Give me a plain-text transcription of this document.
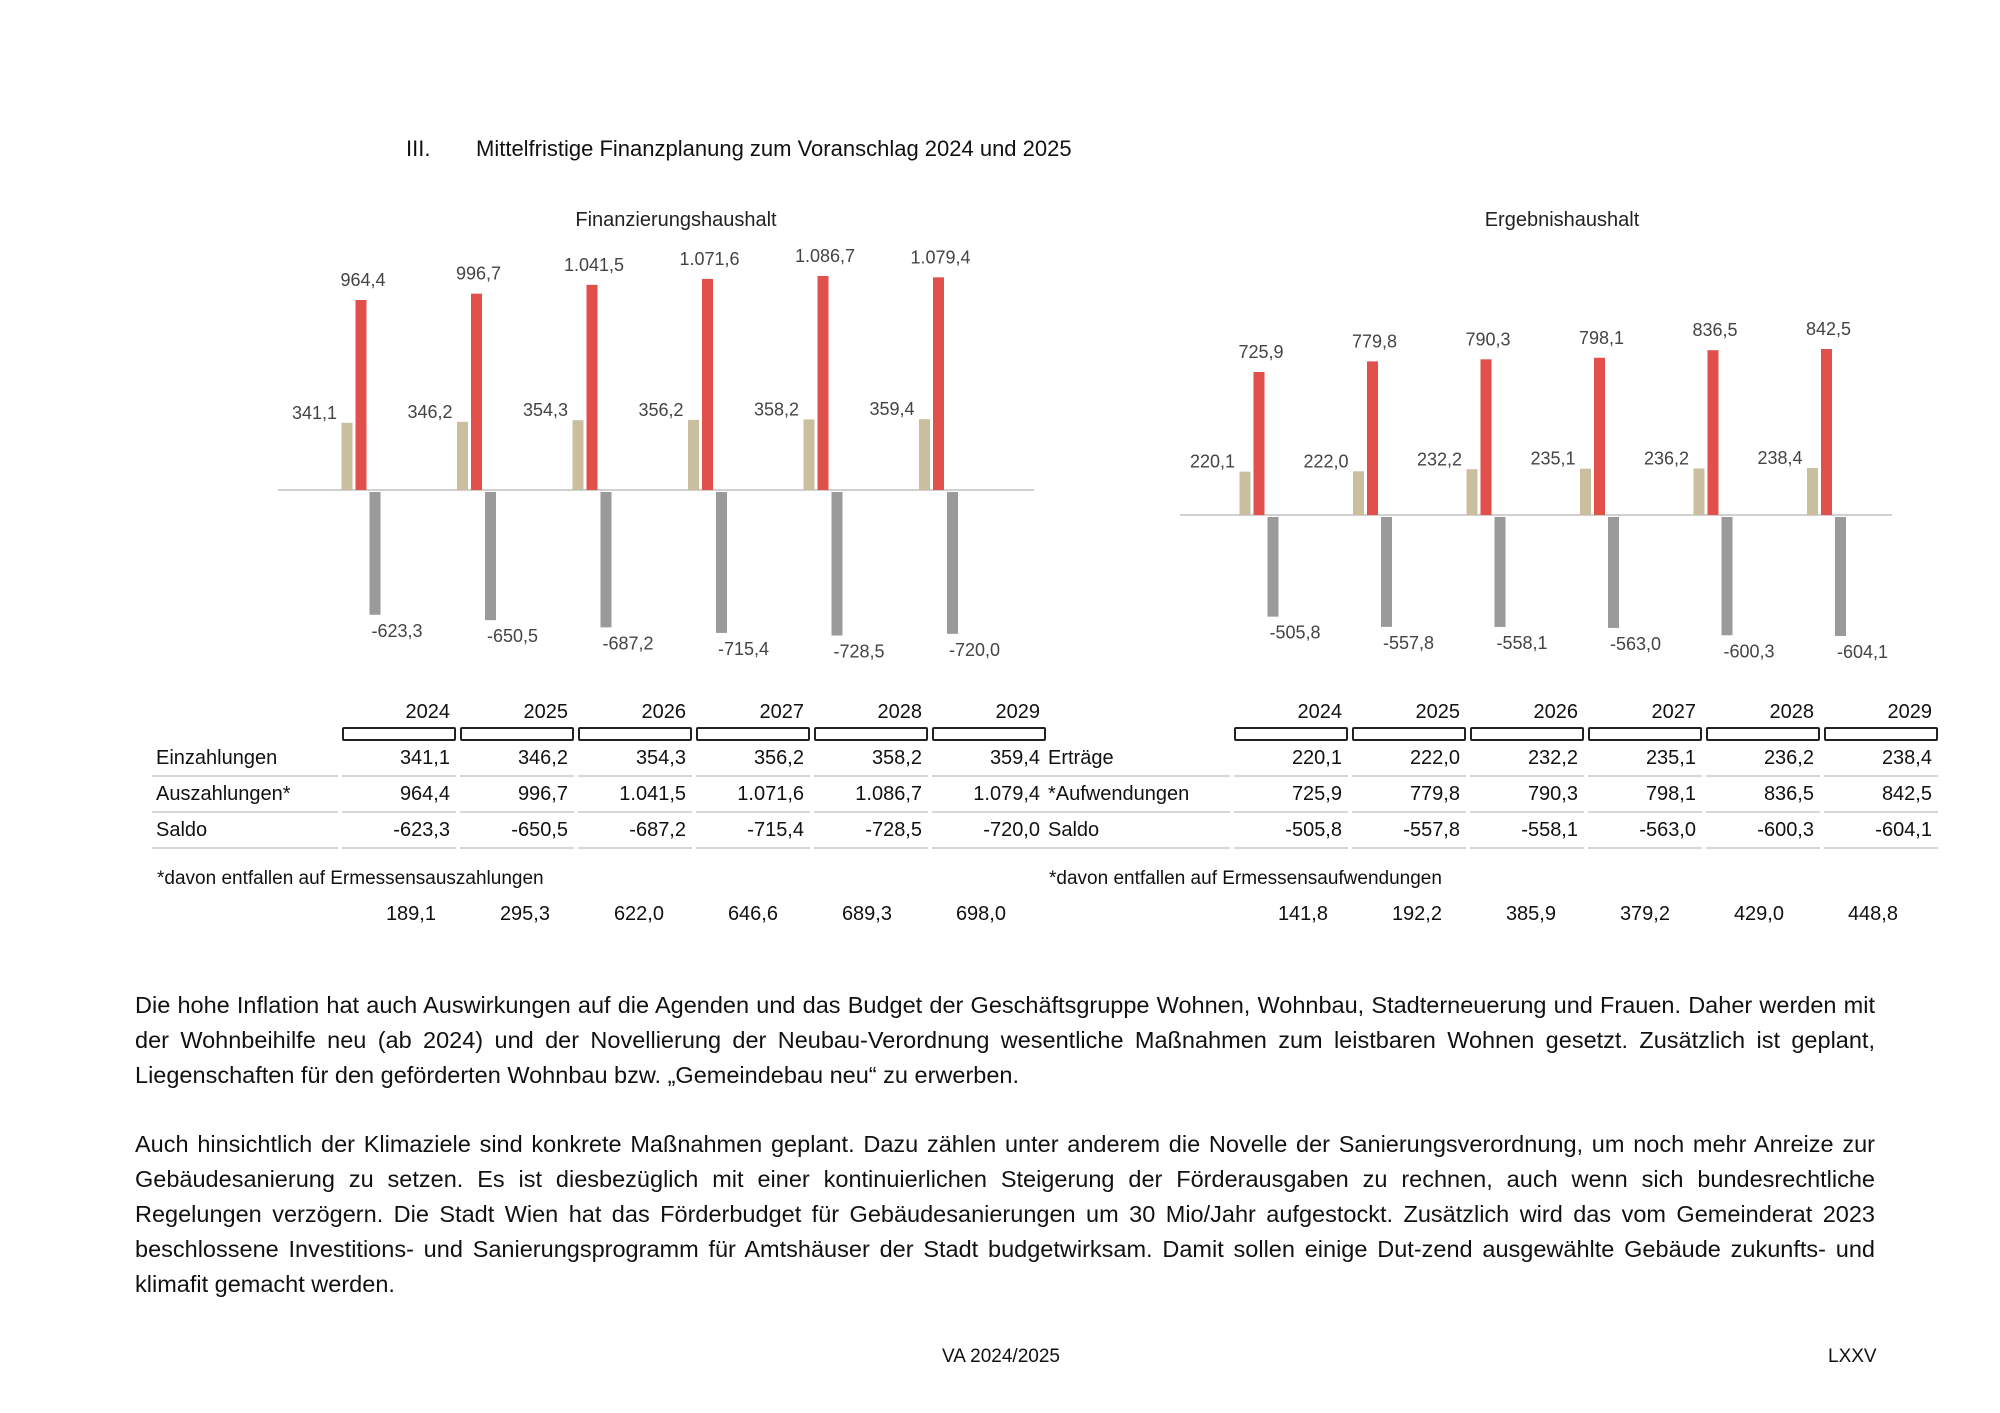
III. Mittelfristige Finanzplanung zum Voranschlag 2024 und 2025
Finanzierungshaushalt
341,1
964,4
-623,3
346,2
996,7
-650,5
354,3
1.041,5
-687,2
356,2
1.071,6
-715,4
358,2
1.086,7
-728,5
359,4
1.079,4
-720,0
Ergebnishaushalt
220,1
725,9
-505,8
222,0
779,8
-557,8
232,2
790,3
-558,1
235,1
798,1
-563,0
236,2
836,5
-600,3
238,4
842,5
-604,1
	2024	2025	2026	2027	2028	2029

Einzahlungen	341,1	346,2	354,3	356,2	358,2	359,4
Auszahlungen*	964,4	996,7	1.041,5	1.071,6	1.086,7	1.079,4
Saldo	-623,3	-650,5	-687,2	-715,4	-728,5	-720,0
*davon entfallen auf Ermessensauszahlungen
189,1	295,3	622,0	646,6	689,3	698,0
	2024	2025	2026	2027	2028	2029

Erträge	220,1	222,0	232,2	235,1	236,2	238,4
*Aufwendungen	725,9	779,8	790,3	798,1	836,5	842,5
Saldo	-505,8	-557,8	-558,1	-563,0	-600,3	-604,1
*davon entfallen auf Ermessensaufwendungen
141,8	192,2	385,9	379,2	429,0	448,8

Die hohe Inflation hat auch Auswirkungen auf die Agenden und das Budget der Geschäftsgruppe Wohnen, Wohnbau, Stadterneuerung und Frauen. Daher werden mit der Wohnbeihilfe neu (ab 2024) und der Novellierung der Neubau-Verordnung wesentliche Maßnahmen zum leistbaren Wohnen gesetzt. Zusätzlich ist geplant, Liegenschaften für den geförderten Wohnbau bzw. „Gemeindebau neu“ zu erwerben.

Auch hinsichtlich der Klimaziele sind konkrete Maßnahmen geplant. Dazu zählen unter anderem die Novelle der Sanierungsverordnung, um noch mehr Anreize zur Gebäudesanierung zu setzen. Es ist diesbezüglich mit einer kontinuierlichen Steigerung der Förderausgaben zu rechnen, auch wenn sich bundesrechtliche Regelungen verzögern. Die Stadt Wien hat das Förderbudget für Gebäudesanierungen um 30 Mio/Jahr aufgestockt. Zusätzlich wird das vom Gemeinderat 2023 beschlossene Investitions- und Sanierungsprogramm für Amtshäuser der Stadt budgetwirksam. Damit sollen einige Dut-zend ausgewählte Gebäude zukunfts- und klimafit gemacht werden.

VA 2024/2025	LXXV
